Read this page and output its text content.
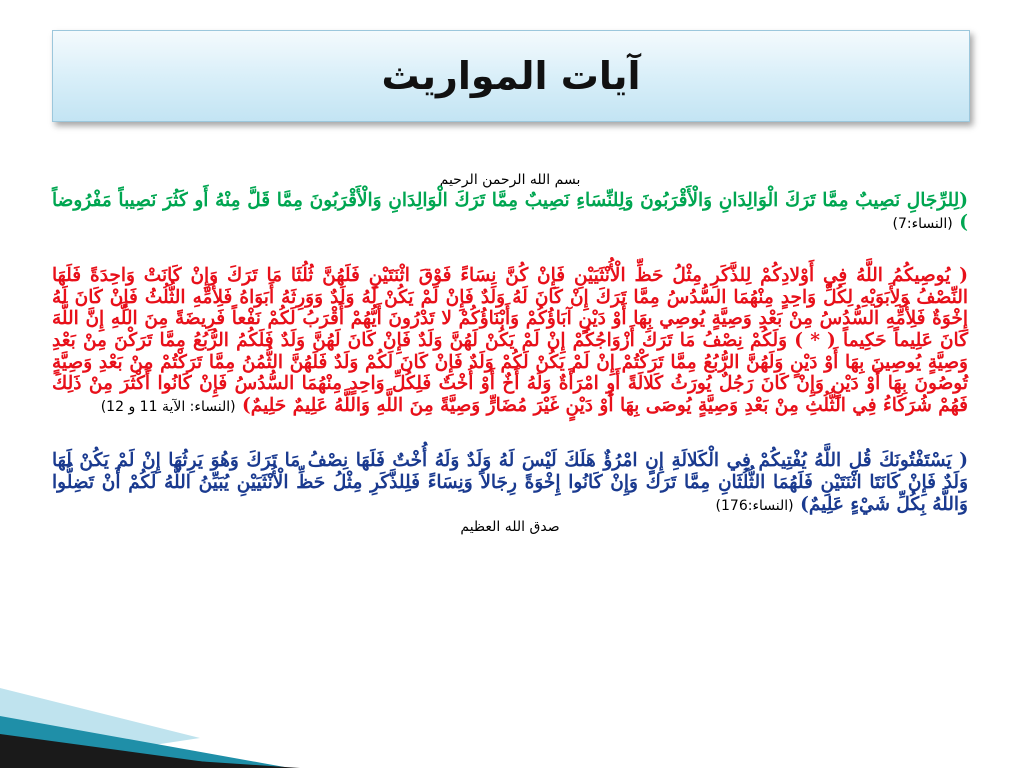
آيات المواريث
بسم الله الرحمن الرحيم

(لِلرِّجَالِ نَصِيبٌ مِمَّا تَرَكَ الْوَالِدَانِ وَالْأَقْرَبُونَ وَلِلنِّسَاءِ نَصِيبٌ مِمَّا تَرَكَ الْوَالِدَانِ وَالْأَقْرَبُونَ مِمَّا قَلَّ مِنْهُ أَو كَثُرَ نَصِيباً مَفْرُوضاً ) (النساء:7)

( يُوصِيكُمُ اللَّهُ فِي أَوْلادِكُمْ لِلذَّكَرِ مِثْلُ حَظِّ الْأُنْثَيَيْنِ فَإِنْ كُنَّ نِسَاءً فَوْقَ اثْنَتَيْنِ فَلَهُنَّ ثُلُثَا مَا تَرَكَ وَإِنْ كَانَتْ وَاحِدَةً فَلَهَا النِّصْفُ وَلِأَبَوَيْهِ لِكُلِّ وَاحِدٍ مِنْهُمَا السُّدُسُ مِمَّا تَرَكَ إِنْ كَانَ لَهُ وَلَدٌ فَإِنْ لَمْ يَكُنْ لَهُ وَلَدٌ وَوَرِثَهُ أَبَوَاهُ فَلِأُمِّهِ الثُّلُثُ فَإِنْ كَانَ لَهُ إِخْوَةٌ فَلِأُمِّهِ السُّدُسُ مِنْ بَعْدِ وَصِيَّةٍ يُوصِي بِهَا أَوْ دَيْنٍ آبَاؤُكُمْ وَأَبْنَاؤُكُمْ لا تَدْرُونَ أَيُّهُمْ أَقْرَبُ لَكُمْ نَفْعاً فَرِيضَةً مِنَ اللَّهِ إِنَّ اللَّهَ كَانَ عَلِيماً حَكِيماً ( * ) وَلَكُمْ نِصْفُ مَا تَرَكَ أَزْوَاجُكُمْ إِنْ لَمْ يَكُنْ لَهُنَّ وَلَدٌ فَإِنْ كَانَ لَهُنَّ وَلَدٌ فَلَكُمُ الرُّبُعُ مِمَّا تَرَكْنَ مِنْ بَعْدِ وَصِيَّةٍ يُوصِينَ بِهَا أَوْ دَيْنٍ وَلَهُنَّ الرُّبُعُ مِمَّا تَرَكْتُمْ إِنْ لَمْ يَكُنْ لَكُمْ وَلَدٌ فَإِنْ كَانَ لَكُمْ وَلَدٌ فَلَهُنَّ الثُّمُنُ مِمَّا تَرَكْتُمْ مِنْ بَعْدِ وَصِيَّةٍ تُوصُونَ بِهَا أَوْ دَيْنٍ وَإِنْ كَانَ رَجُلٌ يُورَثُ كَلالَةً أَوِ امْرَأَةٌ وَلَهُ أَخٌ أَوْ أُخْتٌ فَلِكُلِّ وَاحِدٍ مِنْهُمَا السُّدُسُ فَإِنْ كَانُوا أَكْثَرَ مِنْ ذَلِكَ فَهُمْ شُرَكَاءُ فِي الثُّلُثِ مِنْ بَعْدِ وَصِيَّةٍ يُوصَى بِهَا أَوْ دَيْنٍ غَيْرَ مُضَارٍّ وَصِيَّةً مِنَ اللَّهِ وَاللَّهُ عَلِيمٌ حَلِيمٌ) (النساء: الآية 11 و 12)

( يَسْتَفْتُونَكَ قُلِ اللَّهُ يُفْتِيكُمْ فِي الْكَلالَةِ إِنِ امْرُؤٌ هَلَكَ لَيْسَ لَهُ وَلَدٌ وَلَهُ أُخْتٌ فَلَهَا نِصْفُ مَا تَرَكَ وَهُوَ يَرِثُهَا إِنْ لَمْ يَكُنْ لَهَا وَلَدٌ فَإِنْ كَانَتَا اثْنَتَيْنِ فَلَهُمَا الثُّلُثَانِ مِمَّا تَرَكَ وَإِنْ كَانُوا إِخْوَةً رِجَالاً وَنِسَاءً فَلِلذَّكَرِ مِثْلُ حَظِّ الْأُنْثَيَيْنِ يُبَيِّنُ اللَّهُ لَكُمْ أَنْ تَضِلُّوا وَاللَّهُ بِكُلِّ شَيْءٍ عَلِيمٌ) (النساء:176)

صدق الله العظيم
